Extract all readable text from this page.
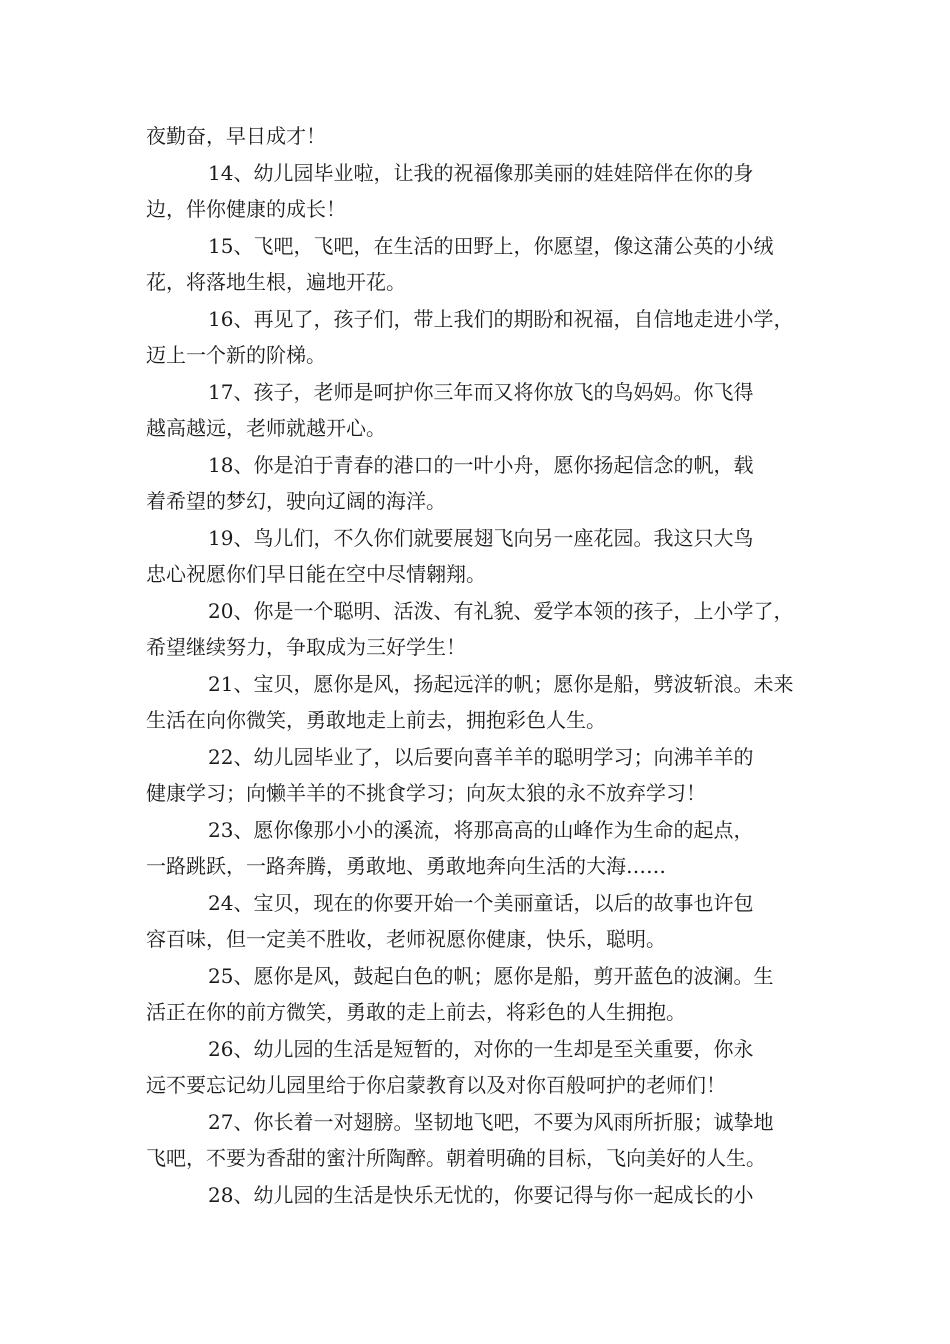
夜勤奋，早日成才！
14、幼儿园毕业啦，让我的祝福像那美丽的娃娃陪伴在你的身
边，伴你健康的成长！
15、飞吧，飞吧，在生活的田野上，你愿望，像这蒲公英的小绒
花，将落地生根，遍地开花。
16、再见了，孩子们，带上我们的期盼和祝福，自信地走进小学，
迈上一个新的阶梯。
17、孩子，老师是呵护你三年而又将你放飞的鸟妈妈。你飞得
越高越远，老师就越开心。
18、你是泊于青春的港口的一叶小舟，愿你扬起信念的帆，载
着希望的梦幻，驶向辽阔的海洋。
19、鸟儿们，不久你们就要展翅飞向另一座花园。我这只大鸟
忠心祝愿你们早日能在空中尽情翱翔。
20、你是一个聪明、活泼、有礼貌、爱学本领的孩子，上小学了，
希望继续努力，争取成为三好学生！
21、宝贝，愿你是风，扬起远洋的帆；愿你是船，劈波斩浪。未来
生活在向你微笑，勇敢地走上前去，拥抱彩色人生。
22、幼儿园毕业了，以后要向喜羊羊的聪明学习；向沸羊羊的
健康学习；向懒羊羊的不挑食学习；向灰太狼的永不放弃学习！
23、愿你像那小小的溪流，将那高高的山峰作为生命的起点，
一路跳跃，一路奔腾，勇敢地、勇敢地奔向生活的大海……
24、宝贝，现在的你要开始一个美丽童话，以后的故事也许包
容百味，但一定美不胜收，老师祝愿你健康，快乐，聪明。
25、愿你是风，鼓起白色的帆；愿你是船，剪开蓝色的波澜。生
活正在你的前方微笑，勇敢的走上前去，将彩色的人生拥抱。
26、幼儿园的生活是短暂的，对你的一生却是至关重要，你永
远不要忘记幼儿园里给于你启蒙教育以及对你百般呵护的老师们！
27、你长着一对翅膀。坚韧地飞吧，不要为风雨所折服；诚挚地
飞吧，不要为香甜的蜜汁所陶醉。朝着明确的目标，飞向美好的人生。
28、幼儿园的生活是快乐无忧的，你要记得与你一起成长的小
